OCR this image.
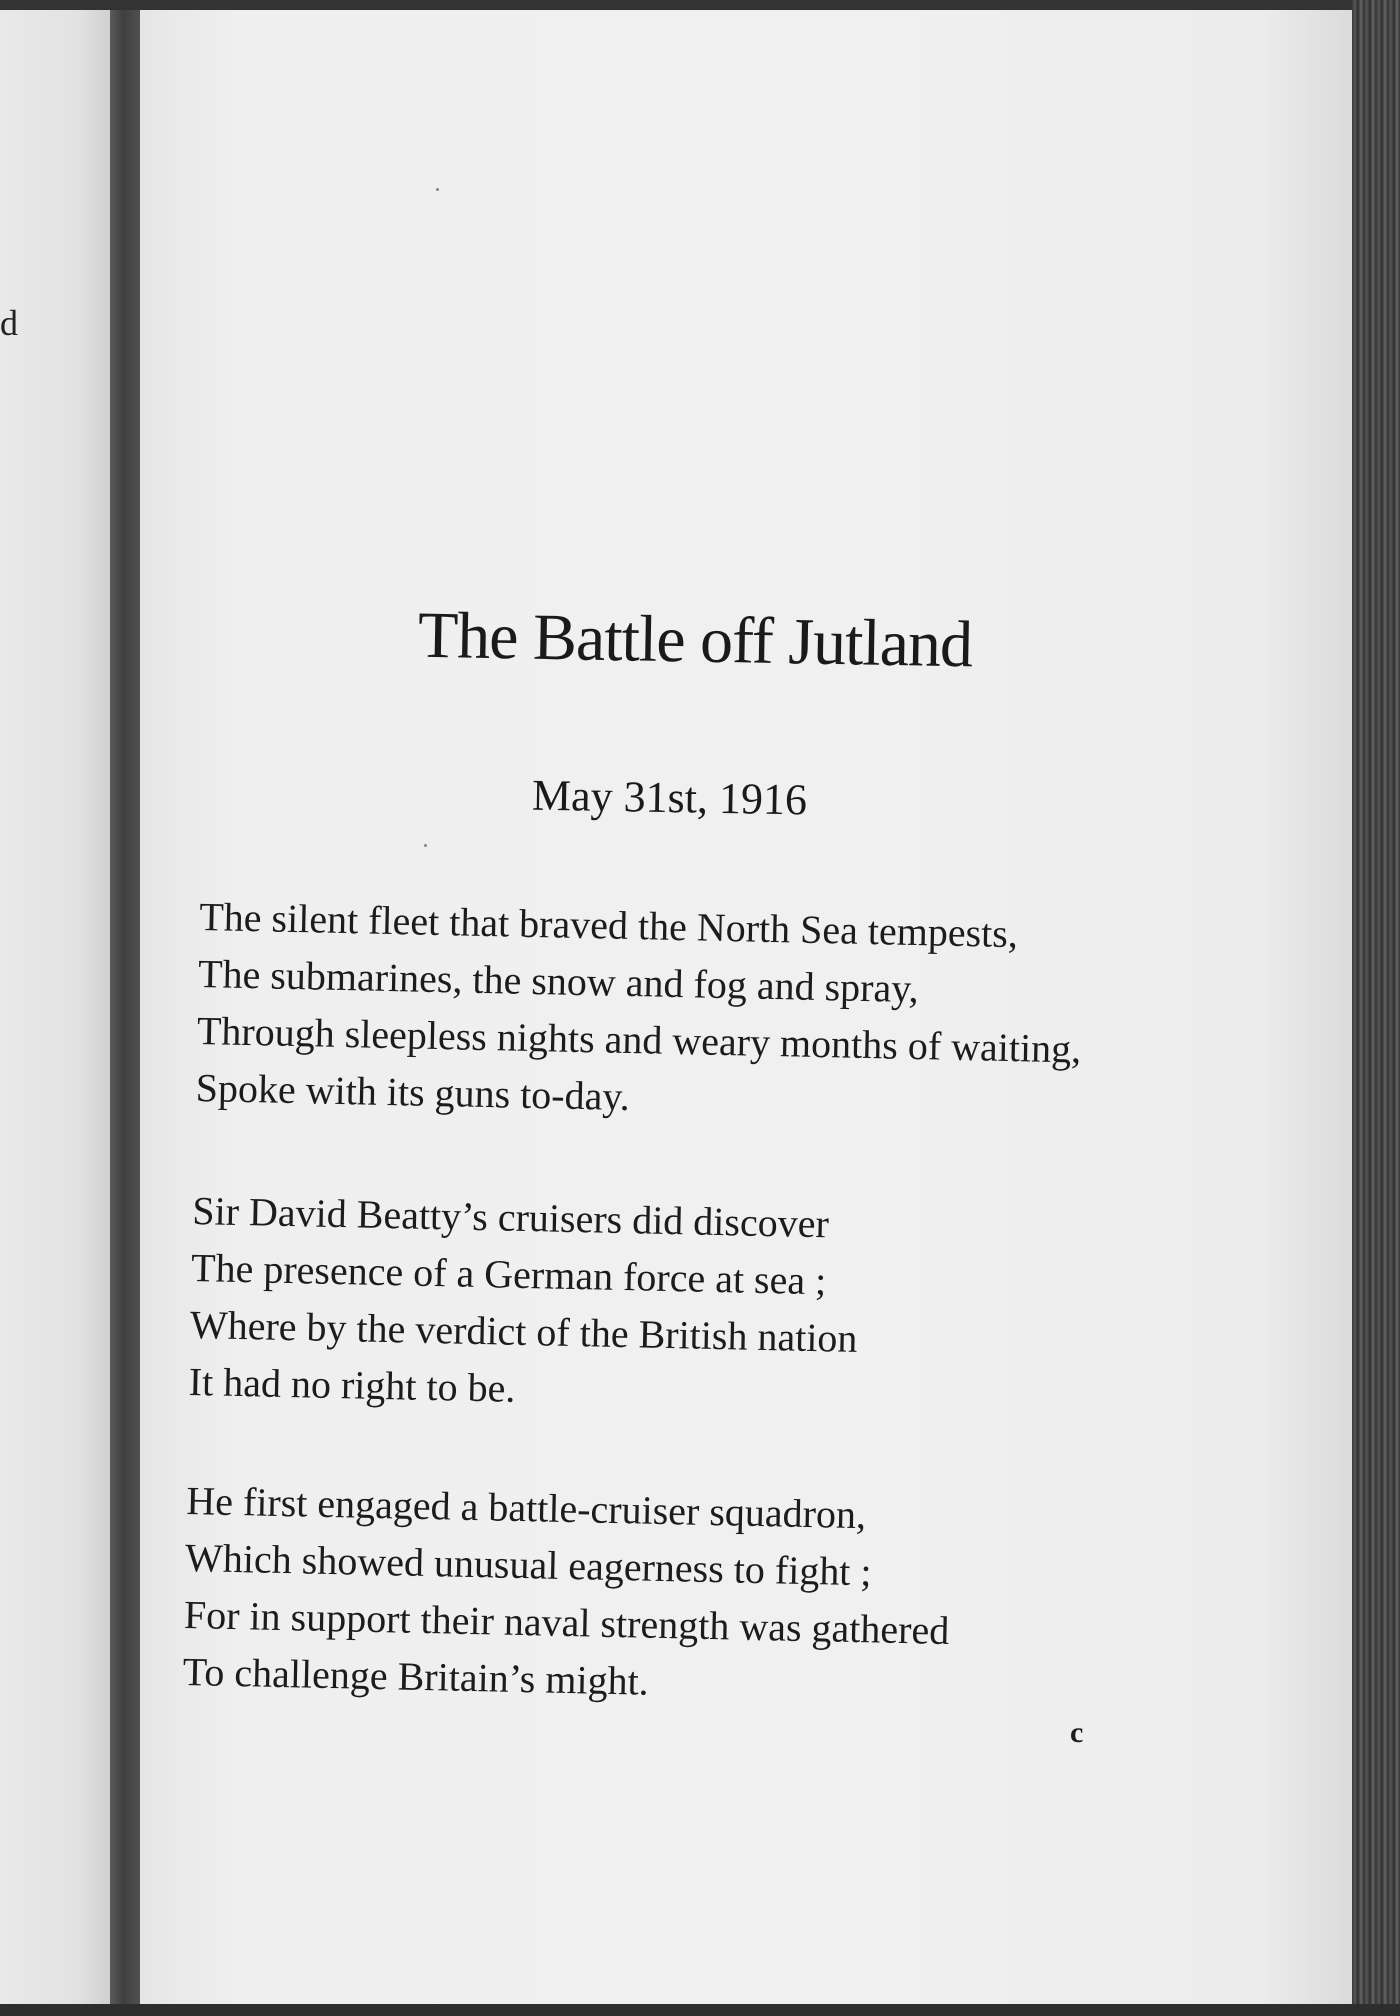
d
The Battle off Jutland
May 31st, 1916
The silent fleet that braved the North Sea tempests,
The submarines, the snow and fog and spray,
Through sleepless nights and weary months of waiting,
Spoke with its guns to-day.
Sir David Beatty’s cruisers did discover
The presence of a German force at sea ;
Where by the verdict of the British nation
It had no right to be.
He first engaged a battle-cruiser squadron,
Which showed unusual eagerness to fight ;
For in support their naval strength was gathered
To challenge Britain’s might.
c
